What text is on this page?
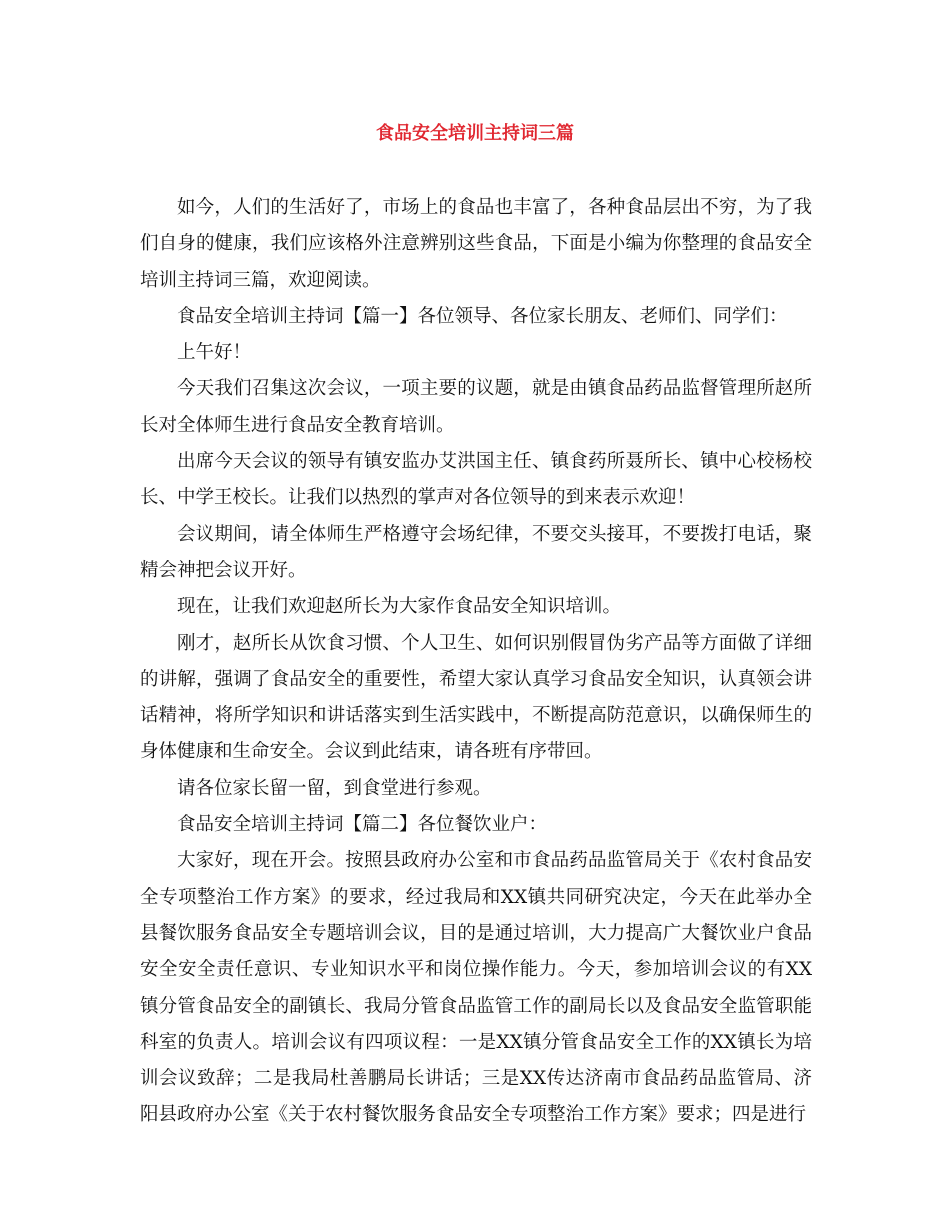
食品安全培训主持词三篇

如今，人们的生活好了，市场上的食品也丰富了，各种食品层出不穷，为了我们自身的健康，我们应该格外注意辨别这些食品，下面是小编为你整理的食品安全培训主持词三篇，欢迎阅读。

食品安全培训主持词【篇一】各位领导、各位家长朋友、老师们、同学们：

上午好！

今天我们召集这次会议，一项主要的议题，就是由镇食品药品监督管理所赵所长对全体师生进行食品安全教育培训。

出席今天会议的领导有镇安监办艾洪国主任、镇食药所聂所长、镇中心校杨校长、中学王校长。让我们以热烈的掌声对各位领导的到来表示欢迎！

会议期间，请全体师生严格遵守会场纪律，不要交头接耳，不要拨打电话，聚精会神把会议开好。

现在，让我们欢迎赵所长为大家作食品安全知识培训。

刚才，赵所长从饮食习惯、个人卫生、如何识别假冒伪劣产品等方面做了详细的讲解，强调了食品安全的重要性，希望大家认真学习食品安全知识，认真领会讲话精神，将所学知识和讲话落实到生活实践中，不断提高防范意识，以确保师生的身体健康和生命安全。会议到此结束，请各班有序带回。

请各位家长留一留，到食堂进行参观。

食品安全培训主持词【篇二】各位餐饮业户：

大家好，现在开会。按照县政府办公室和市食品药品监管局关于《农村食品安全专项整治工作方案》的要求，经过我局和XX镇共同研究决定，今天在此举办全县餐饮服务食品安全专题培训会议，目的是通过培训，大力提高广大餐饮业户食品安全安全责任意识、专业知识水平和岗位操作能力。今天，参加培训会议的有XX镇分管食品安全的副镇长、我局分管食品监管工作的副局长以及食品安全监管职能科室的负责人。培训会议有四项议程：一是XX镇分管食品安全工作的XX镇长为培训会议致辞；二是我局杜善鹏局长讲话；三是XX传达济南市食品药品监管局、济阳县政府办公室《关于农村餐饮服务食品安全专项整治工作方案》要求；四是进行
